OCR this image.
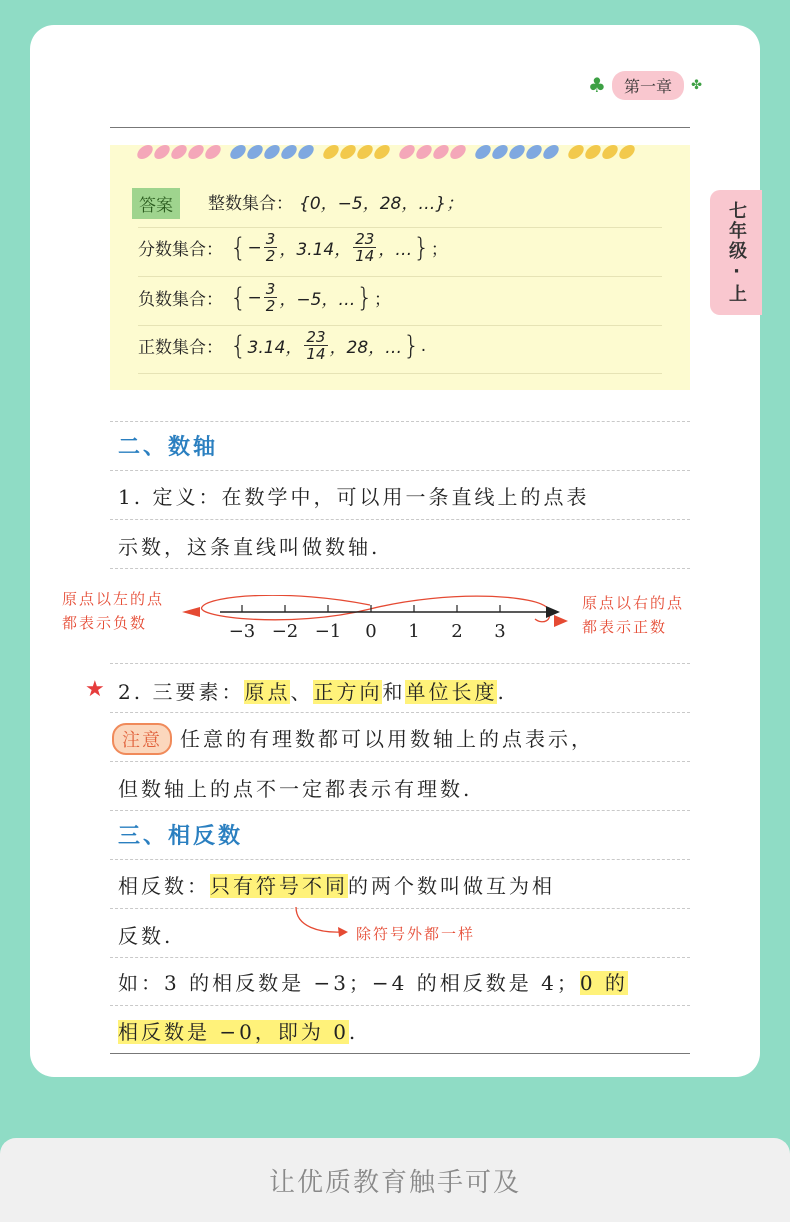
♣	第一章	✤
七年级·上
答案	整数集合： {0，−5，28，…}；
分数集合： { − $\frac{3}{2}$ ，3.14， $\frac{23}{14}$ ，… } ；
负数集合： { − $\frac{3}{2}$ ，−5，… } ；
正数集合： { 3.14， $\frac{23}{14}$ ，28，… } .
二、数轴
1. 定义：在数学中，可以用一条直线上的点表
示数，这条直线叫做数轴.
原点以左的点
都表示负数
原点以右的点
都表示正数
−3 −2 −1 0 1 2 3
★ 2. 三要素：原点、正方向和单位长度.
注意 任意的有理数都可以用数轴上的点表示，
但数轴上的点不一定都表示有理数.
三、相反数
相反数：只有符号不同的两个数叫做互为相
反数.	除符号外都一样
如：3 的相反数是 −3；−4 的相反数是 4；0 的
相反数是 −0，即为 0.
让优质教育触手可及
